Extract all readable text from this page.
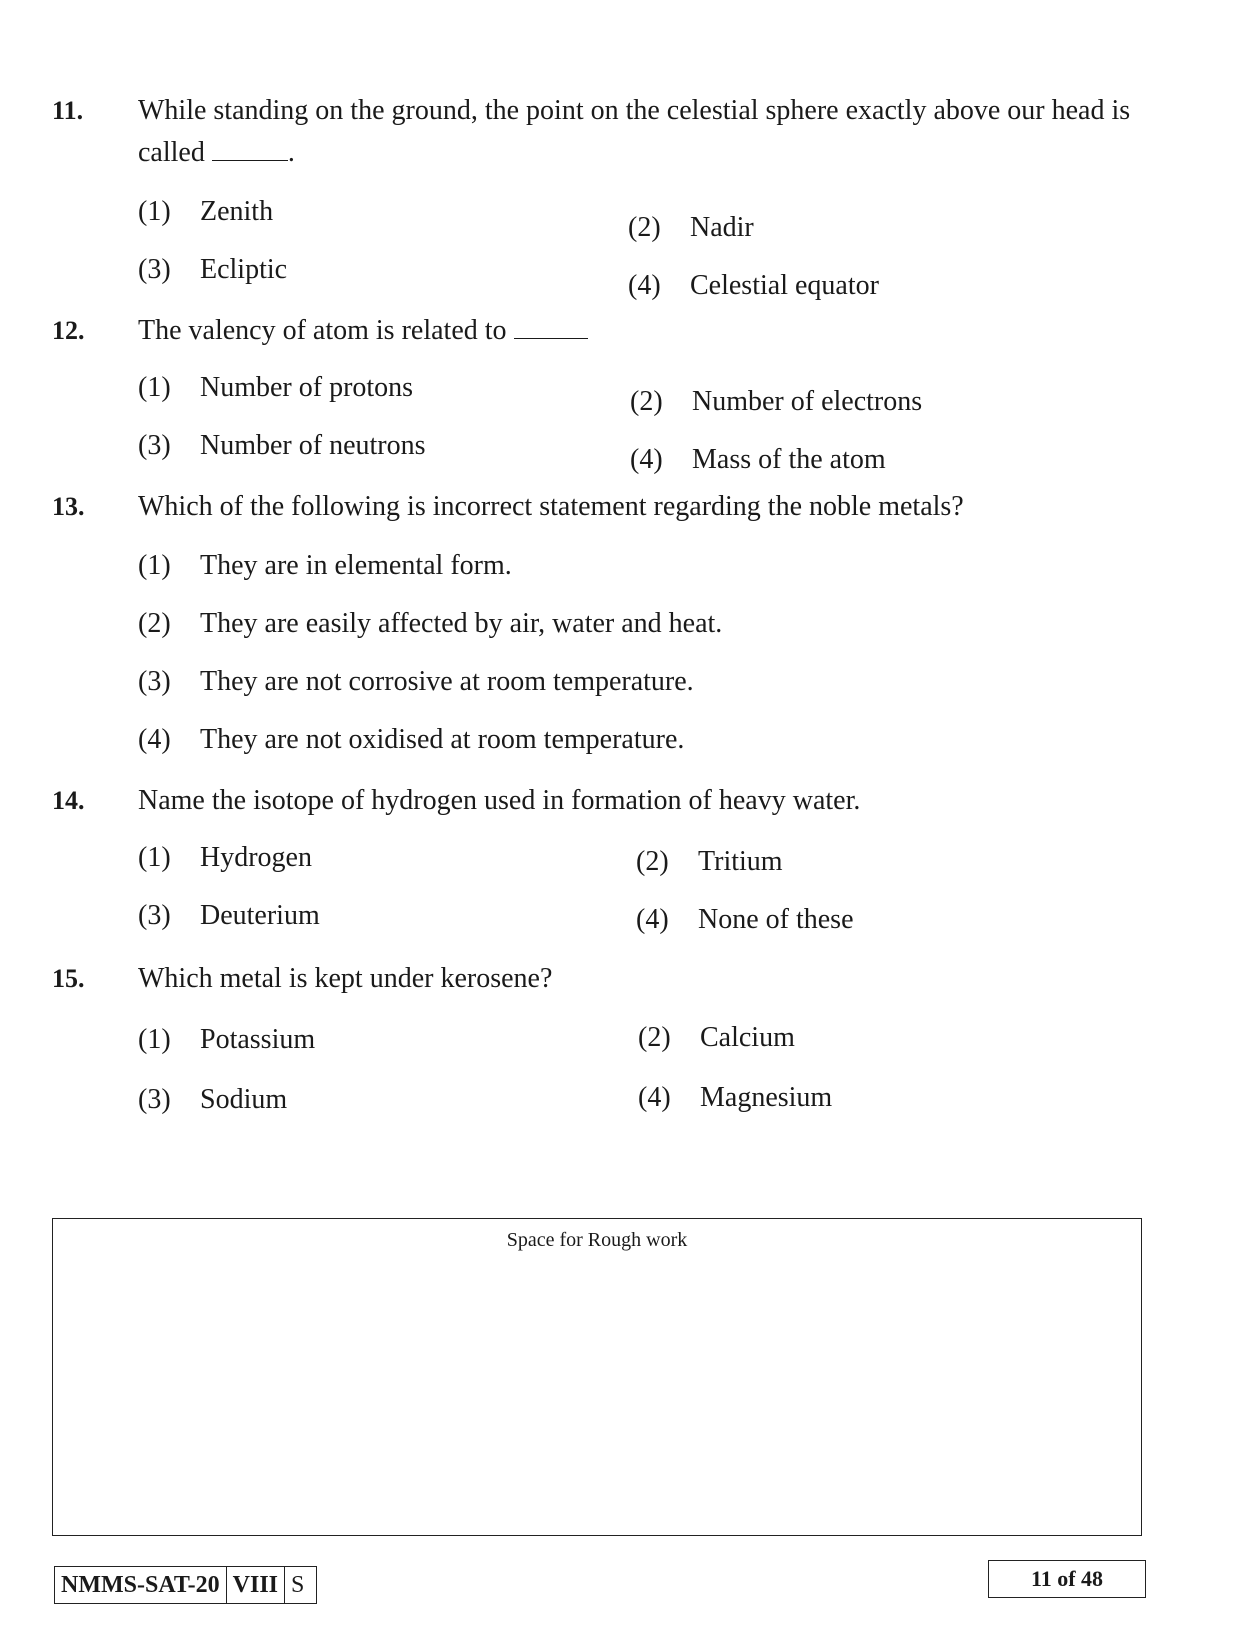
11. While standing on the ground, the point on the celestial sphere exactly above our head is called	.
(1) Zenith
(2) Nadir
(3) Ecliptic
(4) Celestial equator
12. The valency of atom is related to
(1) Number of protons	(2) Number of electrons
(3) Number of neutrons	(4) Mass of the atom
13. Which of the following is incorrect statement regarding the noble metals?
(1) They are in elemental form.
(2) They are easily affected by air, water and heat.
(3) They are not corrosive at room temperature.
(4) They are not oxidised at room temperature.
14. Name the isotope of hydrogen used in formation of heavy water.
(1) Hydrogen	(2) Tritium
(3) Deuterium	(4) None of these
15. Which metal is kept under kerosene?
(1) Potassium	(2) Calcium
(3) Sodium	(4) Magnesium
Space for Rough work
NMMS-SAT-20 VIII S	11 of 48
